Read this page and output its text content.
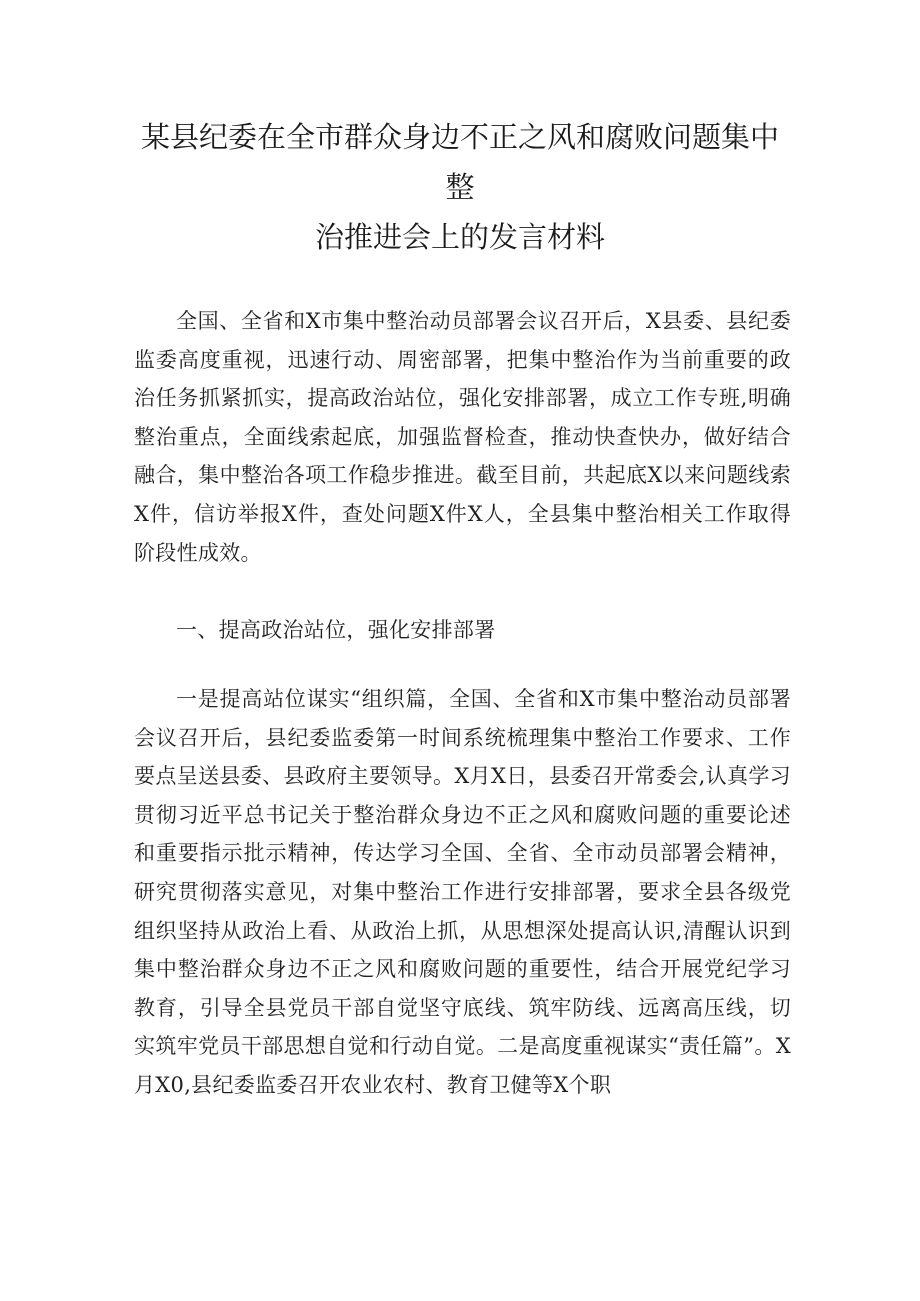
某县纪委在全市群众身边不正之风和腐败问题集中整
治推进会上的发言材料

全国、全省和X市集中整治动员部署会议召开后，X县委、县纪委监委高度重视，迅速行动、周密部署，把集中整治作为当前重要的政治任务抓紧抓实，提高政治站位，强化安排部署，成立工作专班,明确整治重点，全面线索起底，加强监督检查，推动快查快办，做好结合融合，集中整治各项工作稳步推进。截至目前，共起底X以来问题线索X件，信访举报X件，查处问题X件X人，全县集中整治相关工作取得阶段性成效。

一、提高政治站位，强化安排部署

一是提高站位谋实“组织篇，全国、全省和X市集中整治动员部署会议召开后，县纪委监委第一时间系统梳理集中整治工作要求、工作要点呈送县委、县政府主要领导。X月X日，县委召开常委会,认真学习贯彻习近平总书记关于整治群众身边不正之风和腐败问题的重要论述和重要指示批示精神，传达学习全国、全省、全市动员部署会精神，研究贯彻落实意见，对集中整治工作进行安排部署，要求全县各级党组织坚持从政治上看、从政治上抓，从思想深处提高认识,清醒认识到集中整治群众身边不正之风和腐败问题的重要性，结合开展党纪学习教育，引导全县党员干部自觉坚守底线、筑牢防线、远离高压线，切实筑牢党员干部思想自觉和行动自觉。二是高度重视谋实“责任篇”。X月X0,县纪委监委召开农业农村、教育卫健等X个职
